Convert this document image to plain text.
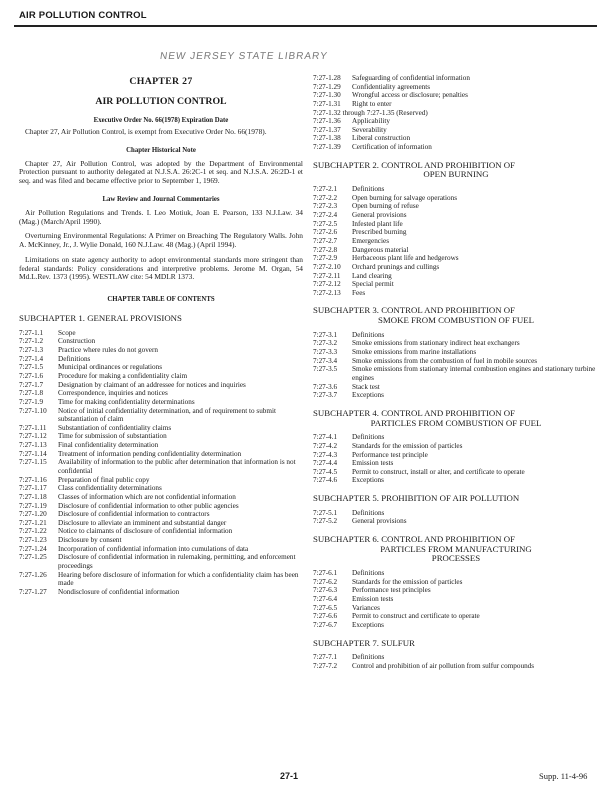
AIR POLLUTION CONTROL
NEW JERSEY STATE LIBRARY
CHAPTER 27
AIR POLLUTION CONTROL
Executive Order No. 66(1978) Expiration Date
Chapter 27, Air Pollution Control, is exempt from Executive Order No. 66(1978).
Chapter Historical Note
Chapter 27, Air Pollution Control, was adopted by the Department of Environmental Protection pursuant to authority delegated at N.J.S.A. 26:2C-1 et seq. and N.J.S.A. 26:2D-1 et seq. and was filed and became effective prior to September 1, 1969.
Law Review and Journal Commentaries
Air Pollution Regulations and Trends. I. Leo Motiuk, Joan E. Pearson, 133 N.J.Law. 34 (Mag.) (March/April 1990).
Overturning Environmental Regulations: A Primer on Breaching The Regulatory Walls. John A. McKinney, Jr., J. Wylie Donald, 160 N.J.Law. 48 (Mag.) (April 1994).
Limitations on state agency authority to adopt environmental standards more stringent than federal standards: Policy considerations and interpretive problems. Jerome M. Organ, 54 Md.L.Rev. 1373 (1995). WESTLAW cite: 54 MDLR 1373.
CHAPTER TABLE OF CONTENTS
SUBCHAPTER 1. GENERAL PROVISIONS
7:27-1.1	Scope
7:27-1.2	Construction
7:27-1.3	Practice where rules do not govern
7:27-1.4	Definitions
7:27-1.5	Municipal ordinances or regulations
7:27-1.6	Procedure for making a confidentiality claim
7:27-1.7	Designation by claimant of an addressee for notices and inquiries
7:27-1.8	Correspondence, inquiries and notices
7:27-1.9	Time for making confidentiality determinations
7:27-1.10	Notice of initial confidentiality determination, and of requirement to submit substantiation of claim
7:27-1.11	Substantiation of confidentiality claims
7:27-1.12	Time for submission of substantiation
7:27-1.13	Final confidentiality determination
7:27-1.14	Treatment of information pending confidentiality determination
7:27-1.15	Availability of information to the public after determination that information is not confidential
7:27-1.16	Preparation of final public copy
7:27-1.17	Class confidentiality determinations
7:27-1.18	Classes of information which are not confidential information
7:27-1.19	Disclosure of confidential information to other public agencies
7:27-1.20	Disclosure of confidential information to contractors
7:27-1.21	Disclosure to alleviate an imminent and substantial danger
7:27-1.22	Notice to claimants of disclosure of confidential information
7:27-1.23	Disclosure by consent
7:27-1.24	Incorporation of confidential information into cumulations of data
7:27-1.25	Disclosure of confidential information in rulemaking, permitting, and enforcement proceedings
7:27-1.26	Hearing before disclosure of information for which a confidentiality claim has been made
7:27-1.27	Nondisclosure of confidential information
7:27-1.28	Safeguarding of confidential information
7:27-1.29	Confidentiality agreements
7:27-1.30	Wrongful access or disclosure; penalties
7:27-1.31	Right to enter
7:27-1.32 through 7:27-1.35 (Reserved)
7:27-1.36	Applicability
7:27-1.37	Severability
7:27-1.38	Liberal construction
7:27-1.39	Certification of information
SUBCHAPTER 2. CONTROL AND PROHIBITION OF
OPEN BURNING
7:27-2.1	Definitions
7:27-2.2	Open burning for salvage operations
7:27-2.3	Open burning of refuse
7:27-2.4	General provisions
7:27-2.5	Infested plant life
7:27-2.6	Prescribed burning
7:27-2.7	Emergencies
7:27-2.8	Dangerous material
7:27-2.9	Herbaceous plant life and hedgerows
7:27-2.10	Orchard prunings and cullings
7:27-2.11	Land clearing
7:27-2.12	Special permit
7:27-2.13	Fees
SUBCHAPTER 3. CONTROL AND PROHIBITION OF
SMOKE FROM COMBUSTION OF FUEL
7:27-3.1	Definitions
7:27-3.2	Smoke emissions from stationary indirect heat exchangers
7:27-3.3	Smoke emissions from marine installations
7:27-3.4	Smoke emissions from the combustion of fuel in mobile sources
7:27-3.5	Smoke emissions from stationary internal combustion engines and stationary turbine engines
7:27-3.6	Stack test
7:27-3.7	Exceptions
SUBCHAPTER 4. CONTROL AND PROHIBITION OF
PARTICLES FROM COMBUSTION OF FUEL
7:27-4.1	Definitions
7:27-4.2	Standards for the emission of particles
7:27-4.3	Performance test principle
7:27-4.4	Emission tests
7:27-4.5	Permit to construct, install or alter, and certificate to operate
7:27-4.6	Exceptions
SUBCHAPTER 5. PROHIBITION OF AIR POLLUTION
7:27-5.1	Definitions
7:27-5.2	General provisions
SUBCHAPTER 6. CONTROL AND PROHIBITION OF
PARTICLES FROM MANUFACTURING
PROCESSES
7:27-6.1	Definitions
7:27-6.2	Standards for the emission of particles
7:27-6.3	Performance test principles
7:27-6.4	Emission tests
7:27-6.5	Variances
7:27-6.6	Permit to construct and certificate to operate
7:27-6.7	Exceptions
SUBCHAPTER 7. SULFUR
7:27-7.1	Definitions
7:27-7.2	Control and prohibition of air pollution from sulfur compounds
27-1	Supp. 11-4-96
